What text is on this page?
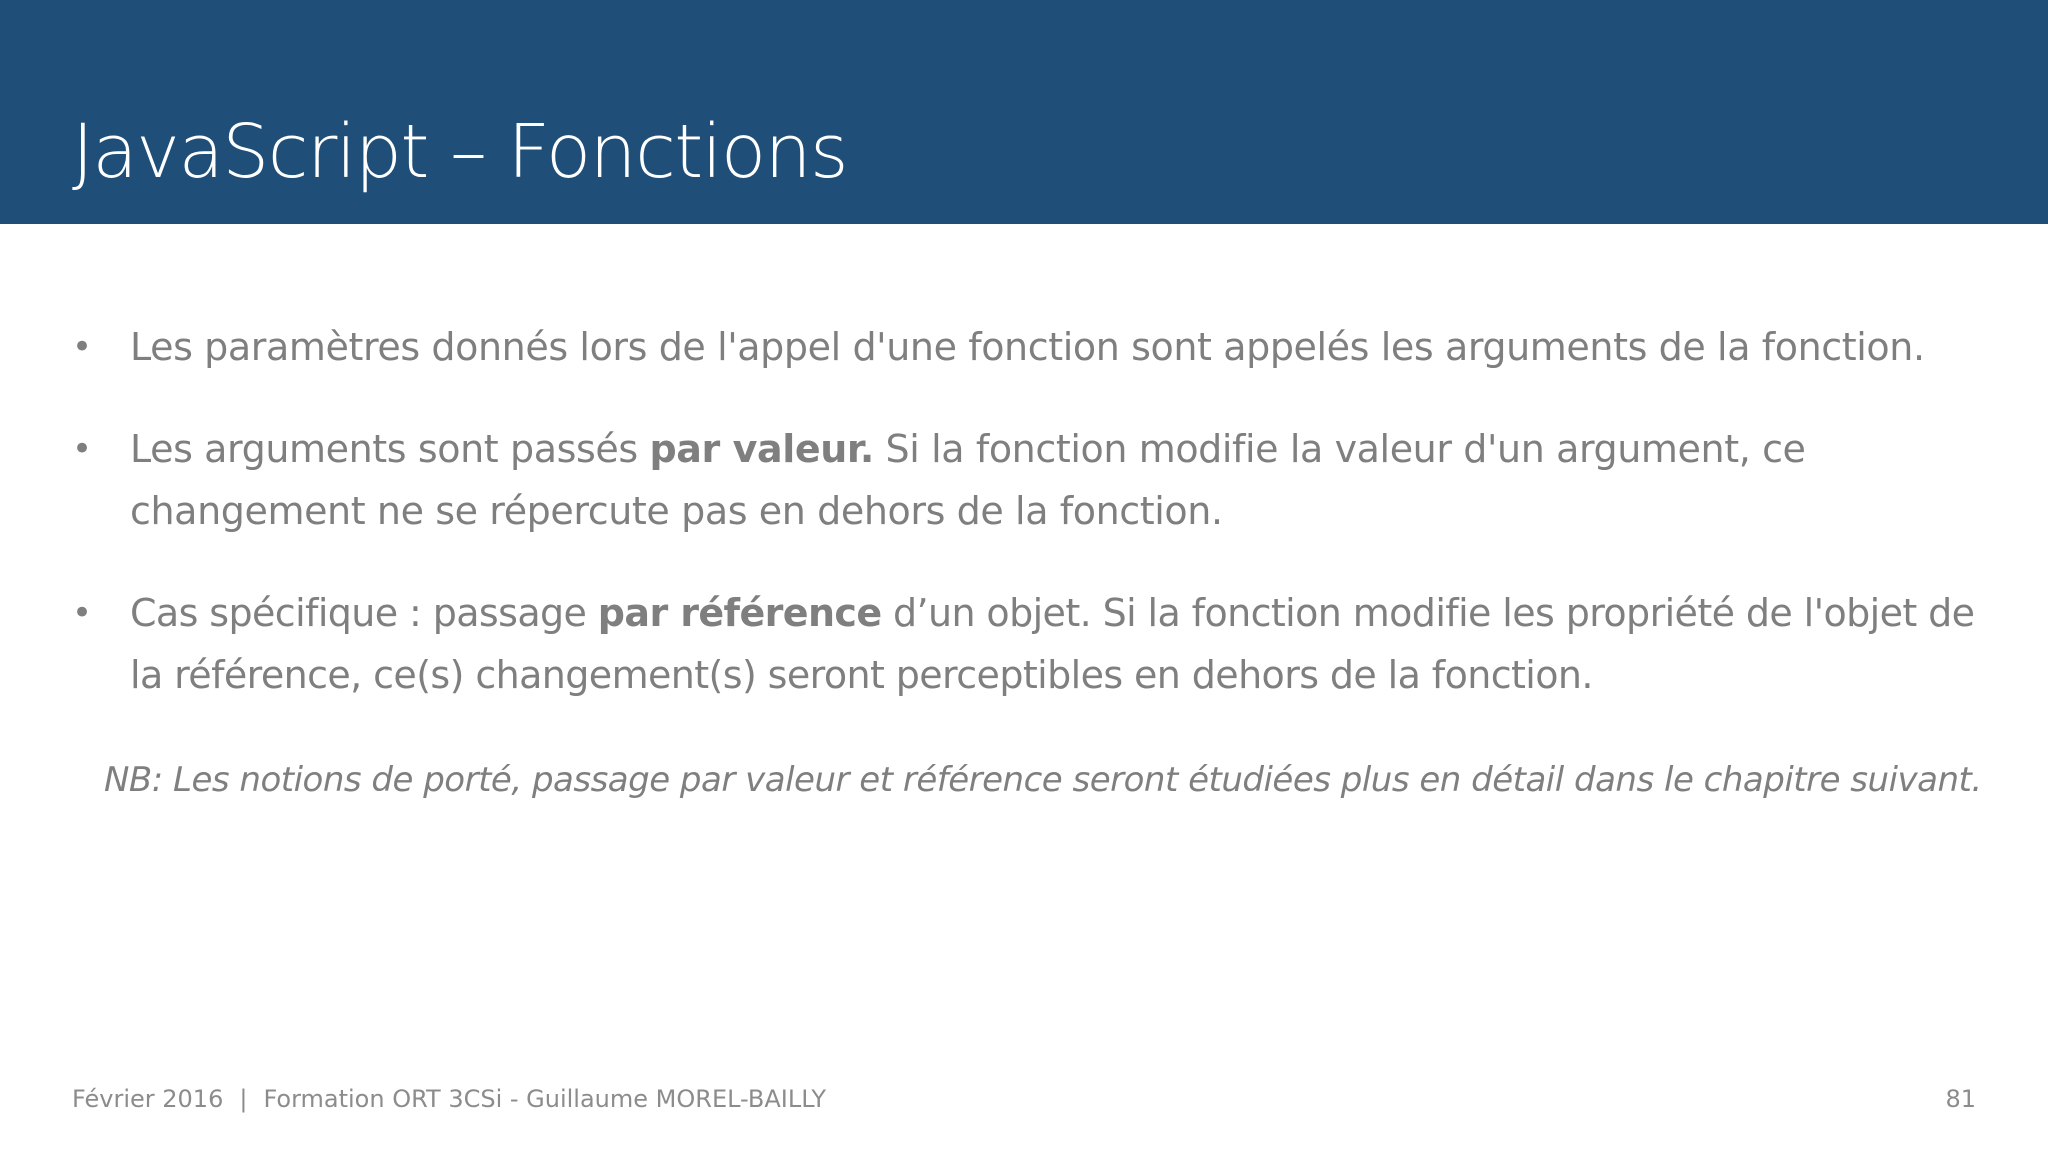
JavaScript – Fonctions
• Les paramètres donnés lors de l'appel d'une fonction sont appelés les arguments de la fonction.
• Les arguments sont passés par valeur. Si la fonction modifie la valeur d'un argument, ce changement ne se répercute pas en dehors de la fonction.
• Cas spécifique : passage par référence d’un objet. Si la fonction modifie les propriété de l'objet de la référence, ce(s) changement(s) seront perceptibles en dehors de la fonction.
NB: Les notions de porté, passage par valeur et référence seront étudiées plus en détail dans le chapitre suivant.
Février 2016 | Formation ORT 3CSi - Guillaume MOREL-BAILLY	81
